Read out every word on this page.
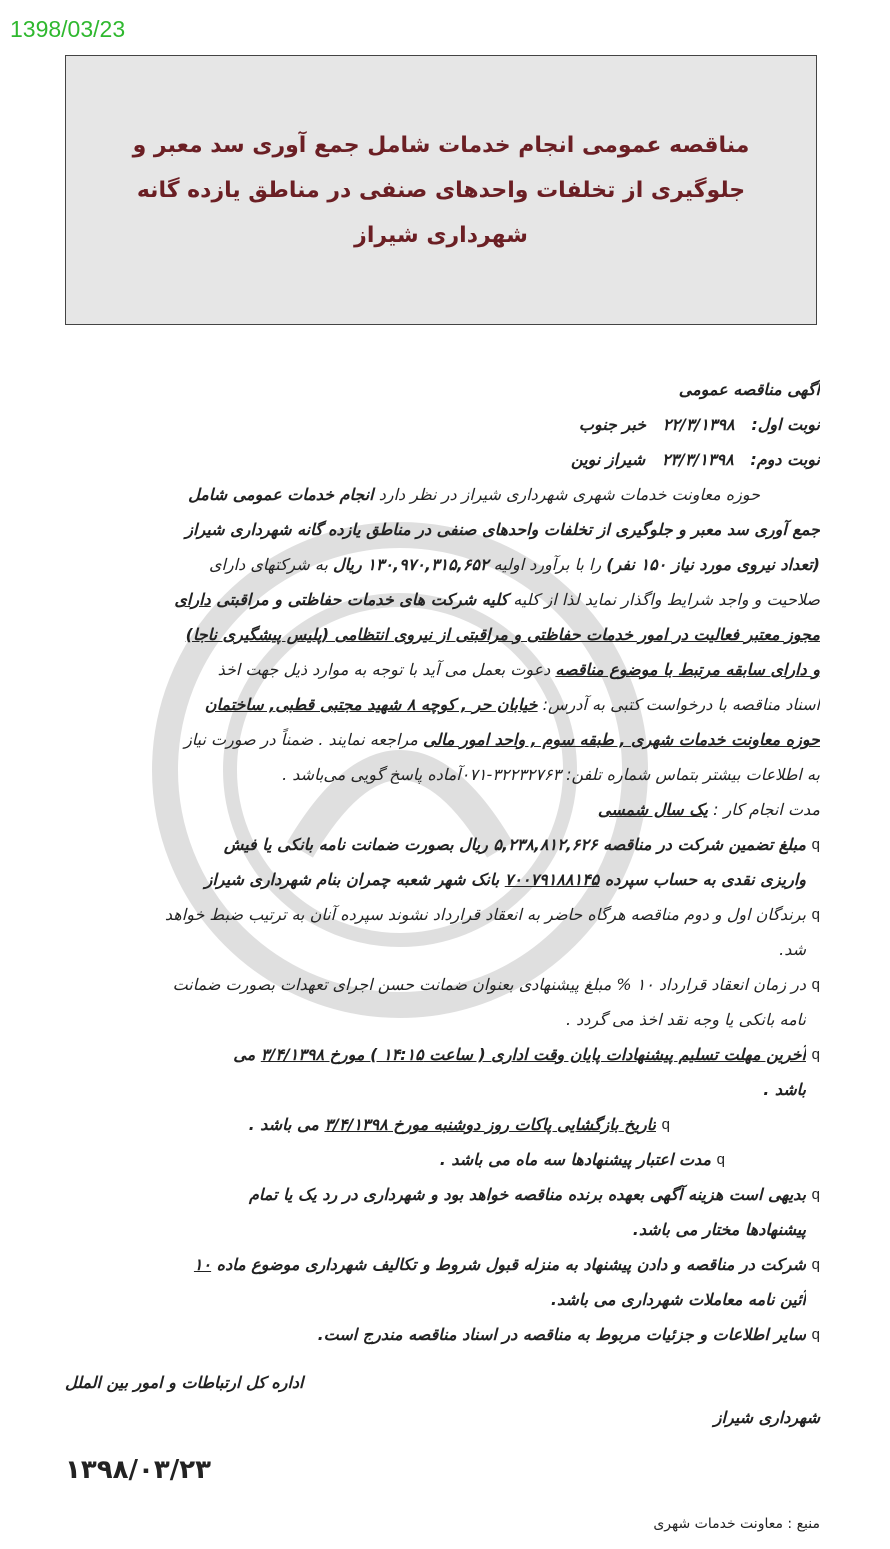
1398/03/23
مناقصه عمومی انجام خدمات شامل جمع آوری سد معبر و
جلوگیری از تخلفات واحدهای صنفی در مناطق یازده گانه
شهرداری شیراز
آگهی مناقصه عمومی
نوبت اول:   ۲۲/۳/۱۳۹۸   خبر جنوب
نوبت دوم:   ۲۳/۳/۱۳۹۸   شیراز نوین
حوزه معاونت خدمات شهری شهرداری شیراز در نظر دارد انجام خدمات عمومی شامل
جمع آوری سد معبر و جلوگیری از تخلفات واحدهای صنفی در مناطق یازده گانه شهرداری شیراز
(تعداد نیروی مورد نیاز ۱۵۰ نفر) را با برآورد اولیه ۱۳۰,۹۷۰,۳۱۵,۶۵۲ ریال به شرکتهای دارای
صلاحیت و واجد شرایط واگذار نماید لذا از کلیه کلیه شرکت های خدمات حفاظتی و مراقبتی دارای
مجوز معتبر فعالیت در امور خدمات حفاظتی و مراقبتی از نیروی انتظامی (پلیس پیشگیری ناجا)
و دارای سابقه مرتبط با موضوع مناقصه دعوت بعمل می آید با توجه به موارد ذیل جهت اخذ
اسناد مناقصه با درخواست کتبی به آدرس: خیابان حر , کوچه ۸ شهید مجتبی قطبی, ساختمان
حوزه معاونت خدمات شهری , طبقه سوم , واحد امور مالی مراجعه نمایند . ضمناً در صورت نیاز
به اطلاعات بیشتر بتماس شماره تلفن: ۳۲۲۳۲۷۶۳-۰۷۱آماده پاسخ گویی می‌باشد .
مدت انجام کار : یک سال شمسی
q
مبلغ تضمین شرکت در مناقصه ۵,۲۳۸,۸۱۲,۶۲۶ ریال بصورت ضمانت نامه بانکی یا فیش
واریزی نقدی به حساب سپرده ۷۰۰۷۹۱۸۸۱۴۵ بانک شهر شعبه چمران بنام شهرداری شیراز
q
برندگان اول و دوم مناقصه هرگاه حاضر به انعقاد قرارداد نشوند سپرده آنان به ترتیب ضبط خواهد
شد.
q
در زمان انعقاد قرارداد ۱۰ % مبلغ پیشنهادی بعنوان ضمانت حسن اجرای تعهدات بصورت ضمانت
نامه بانکی یا وجه نقد اخذ می گردد .
q
آخرین مهلت تسلیم پیشنهادات پایان وقت اداری ( ساعت ۱۴:۱۵ ) مورخ ۳/۴/۱۳۹۸ می
باشد .
q
تاریخ بازگشایی پاکات روز دوشنبه مورخ ۳/۴/۱۳۹۸ می باشد .
q
مدت اعتبار پیشنهادها سه ماه می باشد .
q
بدیهی است هزینه آگهی بعهده برنده مناقصه خواهد بود و شهرداری در رد یک یا تمام
پیشنهادها مختار می باشد.
q
شرکت در مناقصه و دادن پیشنهاد به منزله قبول شروط و تکالیف شهرداری موضوع ماده ۱۰
آئین نامه معاملات شهرداری می باشد.
q
سایر اطلاعات و جزئیات مربوط به مناقصه در اسناد مناقصه مندرج است.
اداره کل ارتباطات و امور بین الملل
شهرداری شیراز
۱۳۹۸/۰۳/۲۳
منبع : معاونت خدمات شهری
